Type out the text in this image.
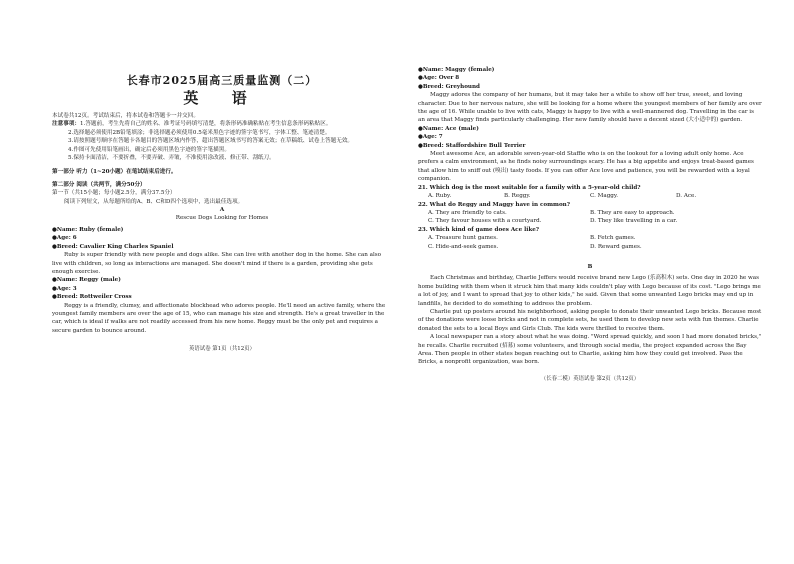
长春市2025届高三质量监测（二）
英 语

本试卷共12页。考试结束后，将本试卷和答题卡一并交回。

注意事项：1.答题前，考生先将自己的姓名、准考证号码填写清楚，将条形码准确粘贴在考生信息条形码粘贴区。

2.选择题必须使用2B铅笔填涂；非选择题必须使用0.5毫米黑色字迹的签字笔书写，字体工整、笔迹清楚。

3.请按照题号顺序在答题卡各题目的答题区域内作答，超出答题区域书写的答案无效；在草稿纸、试卷上答题无效。

4.作图可先使用铅笔画出，确定后必须用黑色字迹的签字笔描黑。

5.保持卡面清洁，不要折叠，不要弄破、弄皱，不准使用涂改液、修正带、刮纸刀。

第一部分 听力（1~20小题）在笔试结束后进行。

第二部分 阅读（共两节，满分50分）

第一节（共15小题；每小题2.5分，满分37.5分）

阅读下列短文，从每题所给的A、B、C和D四个选项中，选出最佳选项。

A

Rescue Dogs Looking for Homes

●Name: Ruby (female)

●Age: 6

●Breed: Cavalier King Charles Spaniel

Ruby is super friendly with new people and dogs alike. She can live with another dog in the home. She can also live with children, so long as interactions are managed. She doesn't mind if there is a garden, providing she gets enough exercise.

●Name: Reggy (male)

●Age: 3

●Breed: Rottweiler Cross

Reggy is a friendly, clumsy, and affectionate blockhead who adores people. He'll need an active family, where the youngest family members are over the age of 15, who can manage his size and strength. He's a great traveller in the car, which is ideal if walks are not readily accessed from his new home. Reggy must be the only pet and requires a secure garden to bounce around.

英语试卷 第1页（共12页）

●Name: Maggy (female)

●Age: Over 8

●Breed: Greyhound

Maggy adores the company of her humans, but it may take her a while to show off her true, sweet, and loving character. Due to her nervous nature, she will be looking for a home where the youngest members of her family are over the age of 16. While unable to live with cats, Maggy is happy to live with a well-mannered dog. Travelling in the car is an area that Maggy finds particularly challenging. Her new family should have a decent sized (大小适中的) garden.

●Name: Ace (male)

●Age: 7

●Breed: Staffordshire Bull Terrier

Meet awesome Ace, an adorable seven-year-old Staffie who is on the lookout for a loving adult only home. Ace prefers a calm environment, as he finds noisy surroundings scary. He has a big appetite and enjoys treat-based games that allow him to sniff out (嗅出) tasty foods. If you can offer Ace love and patience, you will be rewarded with a loyal companion.

21. Which dog is the most suitable for a family with a 5-year-old child?

A. Ruby.	B. Reggy.	C. Maggy.	D. Ace.

22. What do Reggy and Maggy have in common?

A. They are friendly to cats.	B. They are easy to approach.
C. They favour houses with a courtyard.	D. They like travelling in a car.

23. Which kind of game does Ace like?

A. Treasure hunt games.	B. Fetch games.
C. Hide-and-seek games.	D. Reward games.

B

Each Christmas and birthday, Charlie Jeffers would receive brand new Lego (乐高积木) sets. One day in 2020 he was home building with them when it struck him that many kids couldn't play with Lego because of its cost. "Lego brings me a lot of joy, and I want to spread that joy to other kids," he said. Given that some unwanted Lego bricks may end up in landfills, he decided to do something to address the problem.

Charlie put up posters around his neighborhood, asking people to donate their unwanted Lego bricks. Because most of the donations were loose bricks and not in complete sets, he used them to develop new sets with fun themes. Charlie donated the sets to a local Boys and Girls Club. The kids were thrilled to receive them.

A local newspaper ran a story about what he was doing. "Word spread quickly, and soon I had more donated bricks," he recalls. Charlie recruited (招募) some volunteers, and through social media, the project expanded across the Bay Area. Then people in other states began reaching out to Charlie, asking him how they could get involved. Pass the Bricks, a nonprofit organization, was born.

（长春二模）英语试卷 第2页（共12页）
